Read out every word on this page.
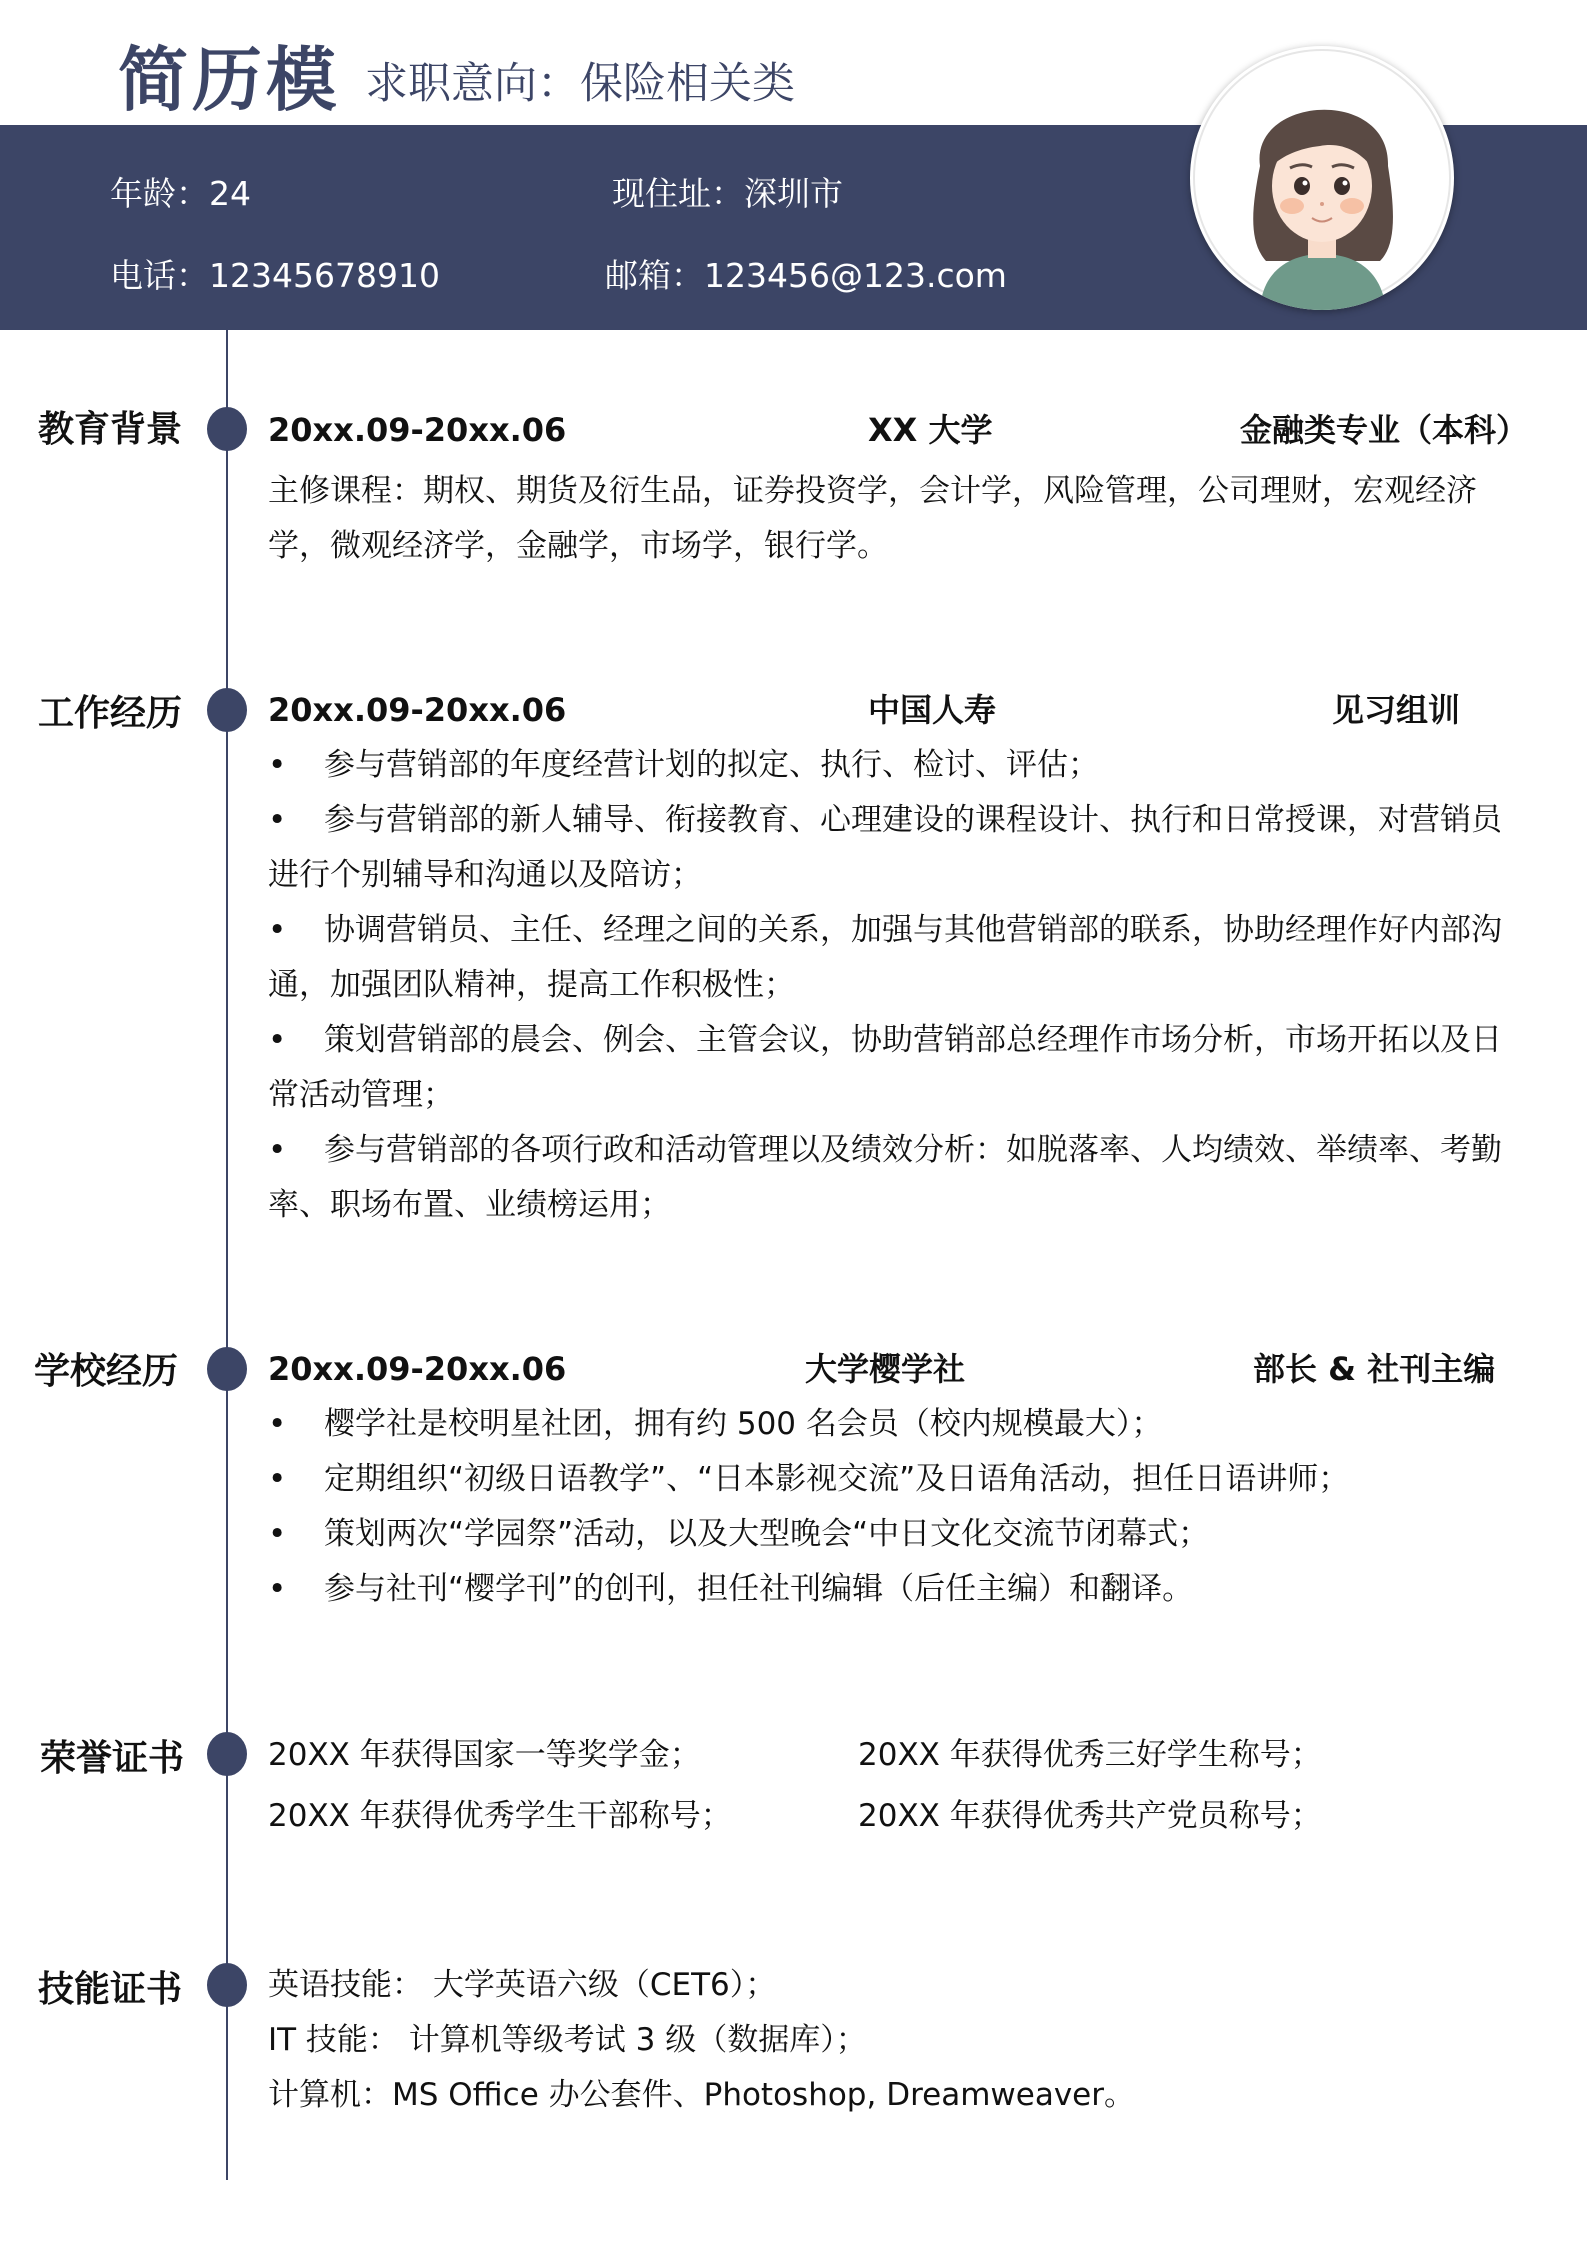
简历模 求职意向：保险相关类
年龄：24	现住址：深圳市
电话：12345678910	邮箱：123456@123.com
教育背景	20xx.09-20xx.06	XX 大学	金融类专业（本科）
主修课程：期权、期货及衍生品，证券投资学，会计学，风险管理，公司理财，宏观经济学，微观经济学，金融学，市场学，银行学。
工作经历	20xx.09-20xx.06	中国人寿	见习组训
• 参与营销部的年度经营计划的拟定、执行、检讨、评估；
• 参与营销部的新人辅导、衔接教育、心理建设的课程设计、执行和日常授课，对营销员进行个别辅导和沟通以及陪访；
• 协调营销员、主任、经理之间的关系，加强与其他营销部的联系，协助经理作好内部沟通，加强团队精神，提高工作积极性；
• 策划营销部的晨会、例会、主管会议，协助营销部总经理作市场分析，市场开拓以及日常活动管理；
• 参与营销部的各项行政和活动管理以及绩效分析：如脱落率、人均绩效、举绩率、考勤率、职场布置、业绩榜运用；
学校经历	20xx.09-20xx.06	大学樱学社	部长 & 社刊主编
• 樱学社是校明星社团，拥有约 500 名会员（校内规模最大）；
• 定期组织“初级日语教学”、“日本影视交流”及日语角活动，担任日语讲师；
• 策划两次“学园祭”活动，以及大型晚会“中日文化交流节闭幕式；
• 参与社刊“樱学刊”的创刊，担任社刊编辑（后任主编）和翻译。
荣誉证书	20XX 年获得国家一等奖学金；	20XX 年获得优秀三好学生称号；
20XX 年获得优秀学生干部称号；	20XX 年获得优秀共产党员称号；
技能证书	英语技能： 大学英语六级（CET6）；
IT 技能： 计算机等级考试 3 级（数据库）；
计算机：MS Office 办公套件、Photoshop, Dreamweaver。
